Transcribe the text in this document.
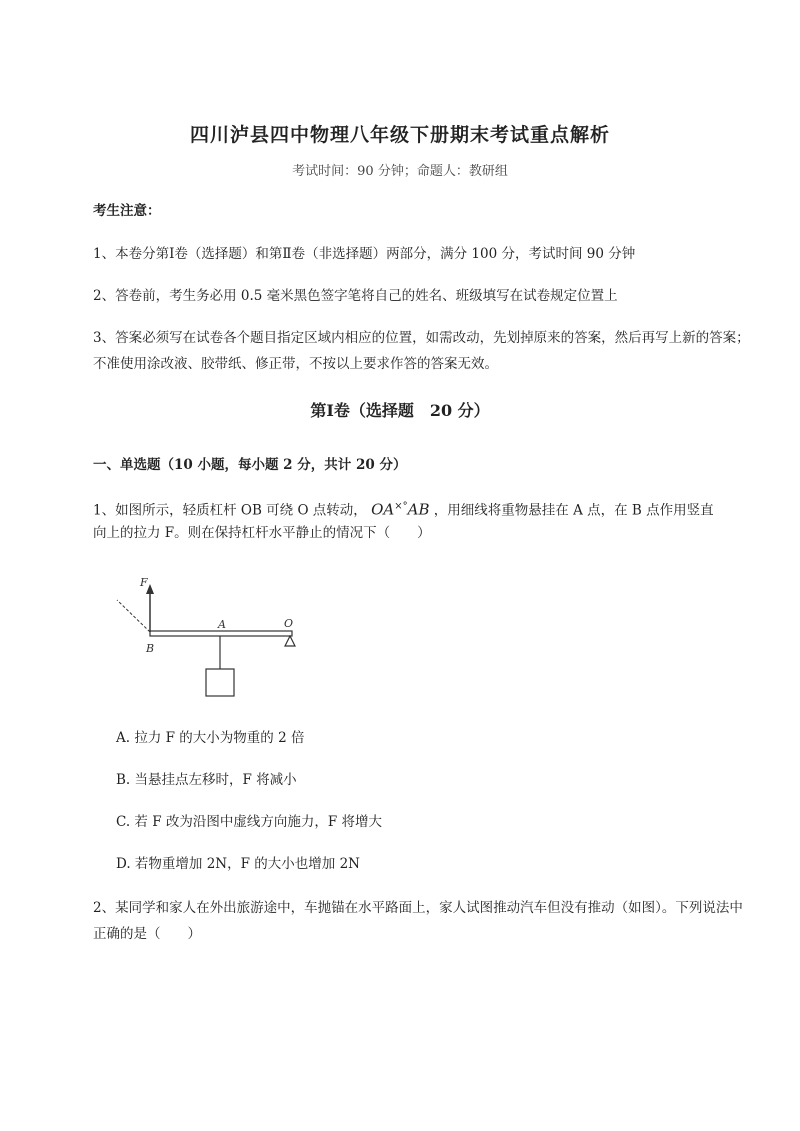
四川泸县四中物理八年级下册期末考试重点解析
考试时间：90 分钟；命题人：教研组
考生注意：
1、本卷分第Ⅰ卷（选择题）和第Ⅱ卷（非选择题）两部分，满分 100 分，考试时间 90 分钟
2、答卷前，考生务必用 0.5 毫米黑色签字笔将自己的姓名、班级填写在试卷规定位置上
3、答案必须写在试卷各个题目指定区域内相应的位置，如需改动，先划掉原来的答案，然后再写上新的答案；不准使用涂改液、胶带纸、修正带，不按以上要求作答的答案无效。
第Ⅰ卷（选择题　20 分）
一、单选题（10 小题，每小题 2 分，共计 20 分）
1、如图所示，轻质杠杆 OB 可绕 O 点转动， OA×°AB ，用细线将重物悬挂在 A 点，在 B 点作用竖直
向上的拉力 F。则在保持杠杆水平静止的情况下（　　）
F
A	O
B
A. 拉力 F 的大小为物重的 2 倍
B. 当悬挂点左移时，F 将减小
C. 若 F 改为沿图中虚线方向施力，F 将增大
D. 若物重增加 2N，F 的大小也增加 2N
2、某同学和家人在外出旅游途中，车抛锚在水平路面上，家人试图推动汽车但没有推动（如图）。下列说法中正确的是（　　）
